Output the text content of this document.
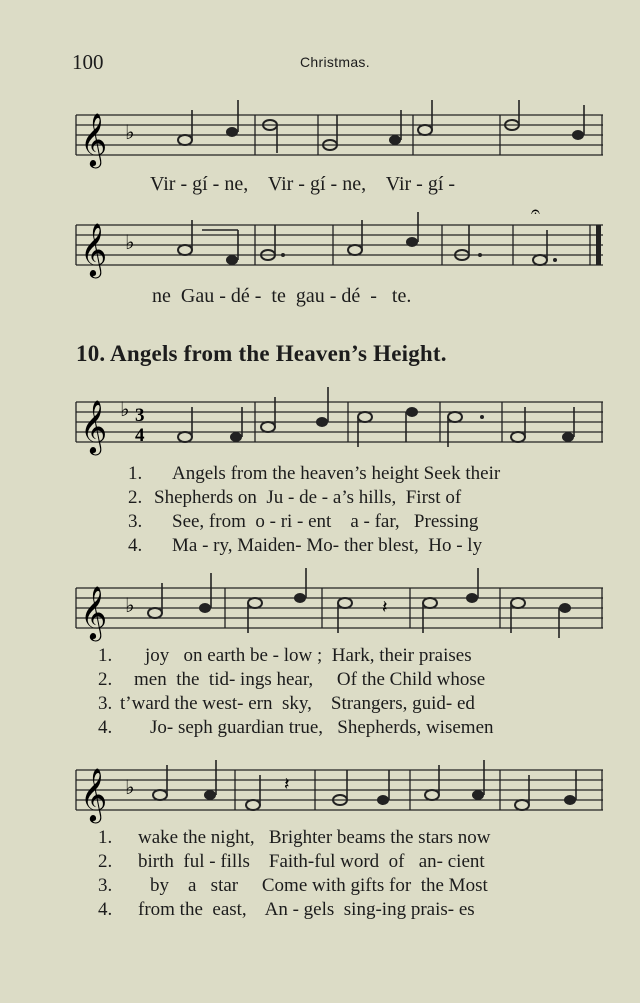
100	Christmas.
𝄞 ♭
Vir - gí - ne,    Vir - gí - ne,    Vir - gí -
𝄞 ♭
𝄐
ne  Gau - dé -  te  gau - dé  -   te.
10. Angels from the Heaven’s Height.
𝄞 ♭ 3
4
1. Angels from the heaven’s height Seek their
2. Shepherds on  Ju - de - a’s hills,  First of
3. See, from  o - ri - ent    a - far,   Pressing
4. Ma - ry, Maiden- Mo- ther blest,  Ho - ly
𝄞 ♭	𝄽
1. joy   on earth be - low ;  Hark, their praises
2. men  the  tid- ings hear,     Of the Child whose
3. t’ward the west- ern  sky,    Strangers, guid- ed
4. Jo- seph guardian true,   Shepherds, wisemen
𝄞 ♭	𝄽
1. wake the night,   Brighter beams the stars now
2. birth  ful - fills    Faith-ful word  of   an- cient
3. by    a   star     Come with gifts for  the Most
4. from the  east,    An - gels  sing-ing prais- es
